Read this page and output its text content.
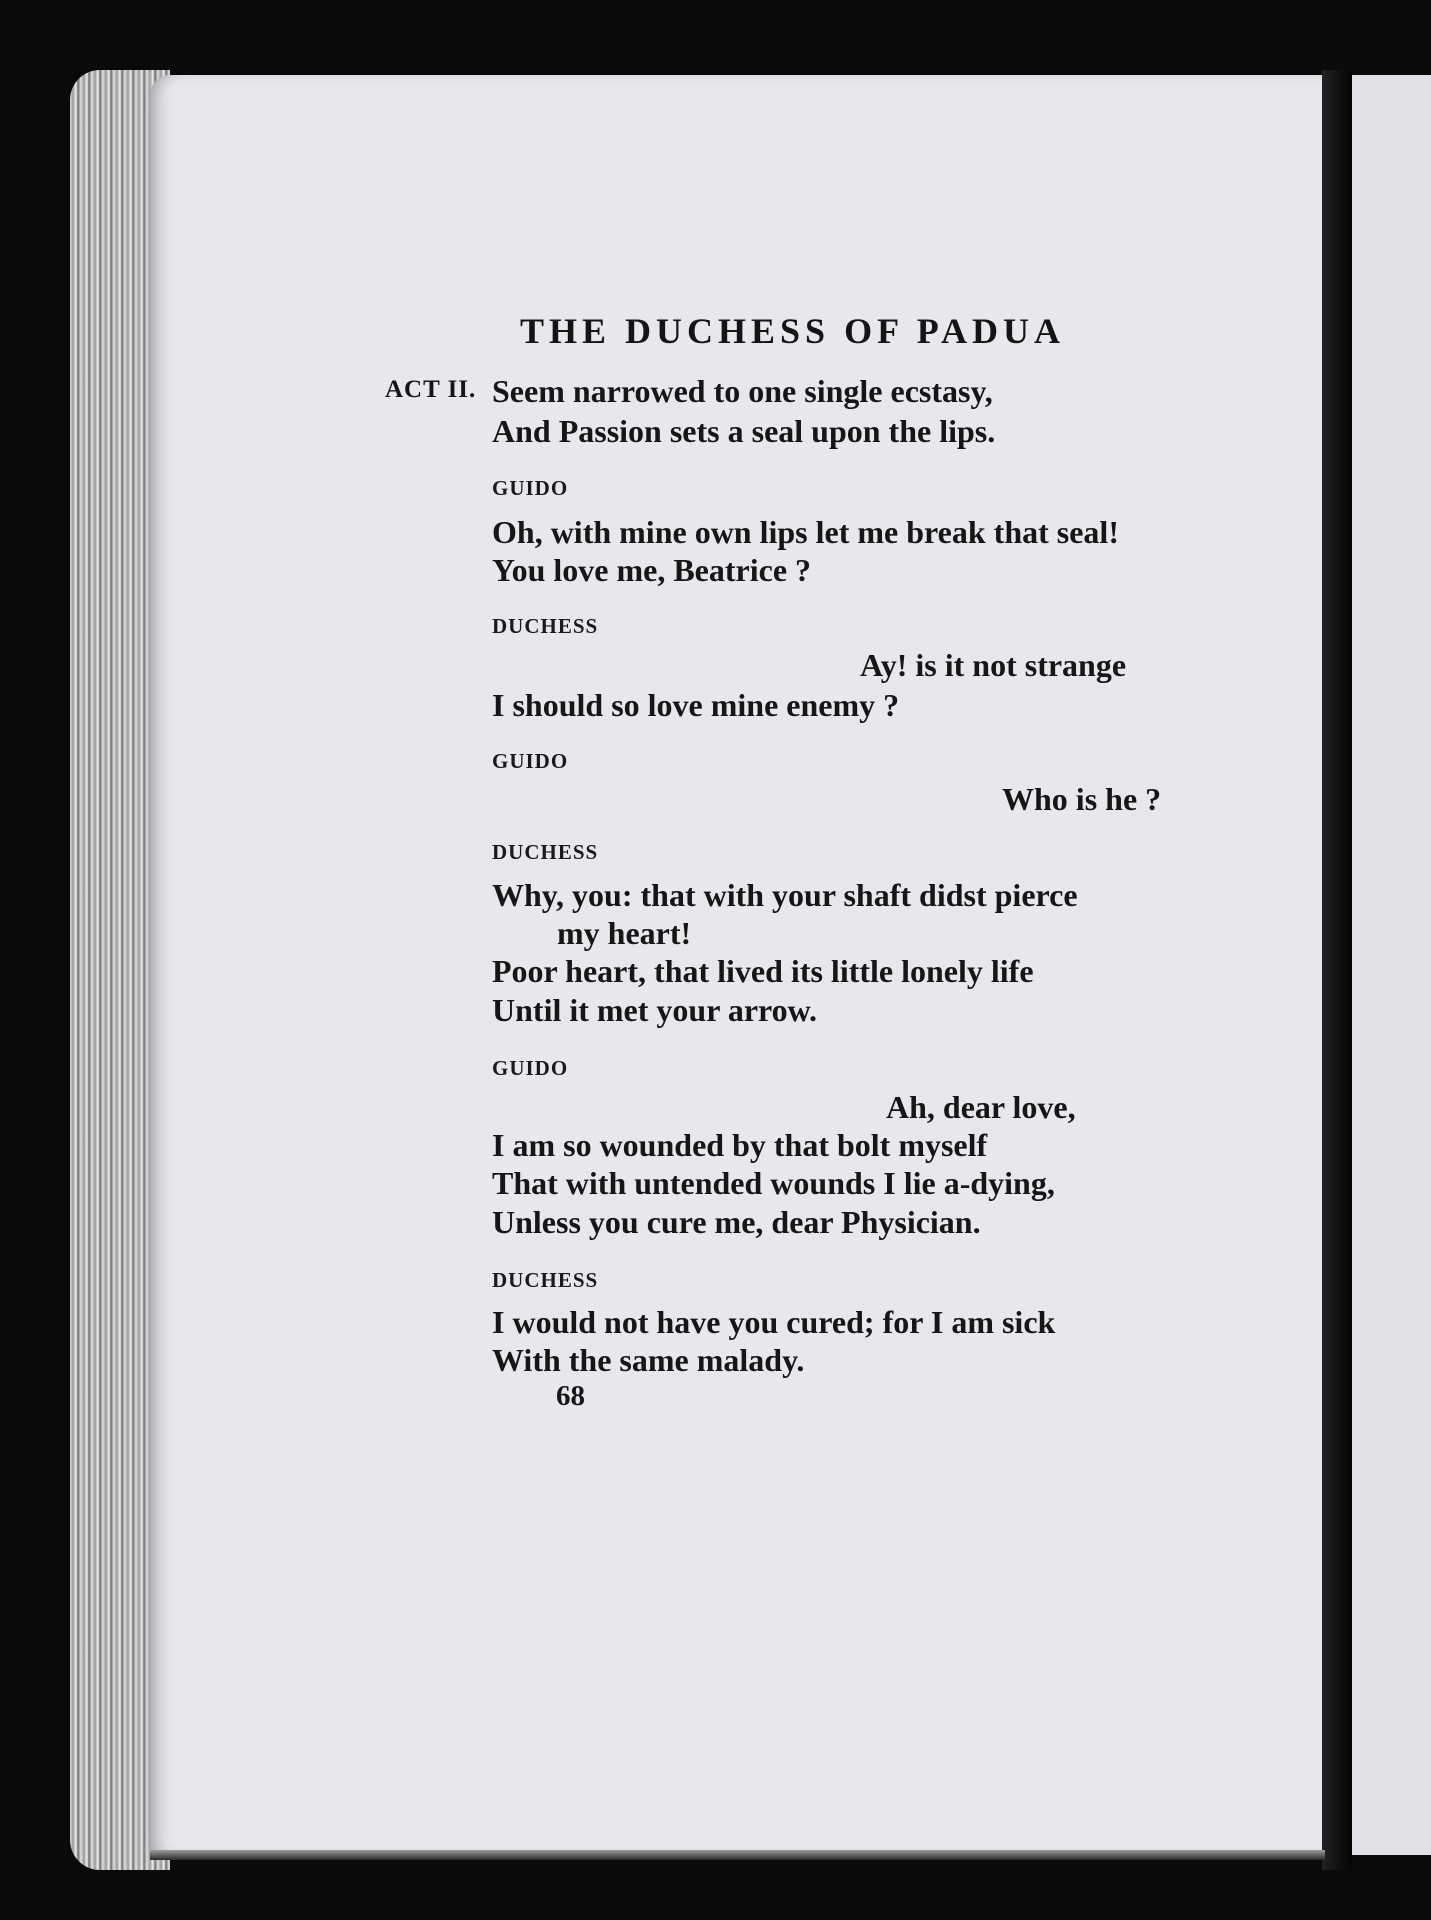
THE DUCHESS OF PADUA
ACT II. Seem narrowed to one single ecstasy,
And Passion sets a seal upon the lips.
GUIDO
Oh, with mine own lips let me break that seal!
You love me, Beatrice ?
DUCHESS
Ay! is it not strange
I should so love mine enemy ?
GUIDO
Who is he ?
DUCHESS
Why, you: that with your shaft didst pierce
my heart!
Poor heart, that lived its little lonely life
Until it met your arrow.
GUIDO
Ah, dear love,
I am so wounded by that bolt myself
That with untended wounds I lie a-dying,
Unless you cure me, dear Physician.
DUCHESS
I would not have you cured; for I am sick
With the same malady.
68
